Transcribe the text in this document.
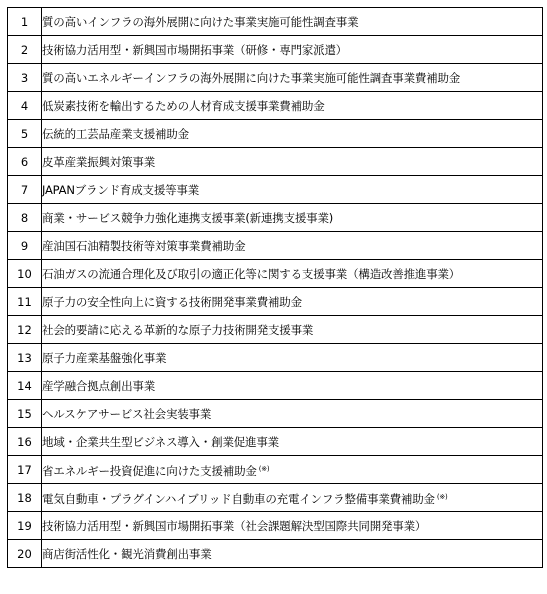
1	質の高いインフラの海外展開に向けた事業実施可能性調査事業
2	技術協力活用型・新興国市場開拓事業（研修・専門家派遣）
3	質の高いエネルギーインフラの海外展開に向けた事業実施可能性調査事業費補助金
4	低炭素技術を輸出するための人材育成支援事業費補助金
5	伝統的工芸品産業支援補助金
6	皮革産業振興対策事業
7	JAPANブランド育成支援等事業
8	商業・サービス競争力強化連携支援事業(新連携支援事業)
9	産油国石油精製技術等対策事業費補助金
10	石油ガスの流通合理化及び取引の適正化等に関する支援事業（構造改善推進事業）
11	原子力の安全性向上に資する技術開発事業費補助金
12	社会的要請に応える革新的な原子力技術開発支援事業
13	原子力産業基盤強化事業
14	産学融合拠点創出事業
15	ヘルスケアサービス社会実装事業
16	地域・企業共生型ビジネス導入・創業促進事業
17	省エネルギー投資促進に向けた支援補助金 (※)
18	電気自動車・プラグインハイブリッド自動車の充電インフラ整備事業費補助金 (※)
19	技術協力活用型・新興国市場開拓事業（社会課題解決型国際共同開発事業）
20	商店街活性化・観光消費創出事業
